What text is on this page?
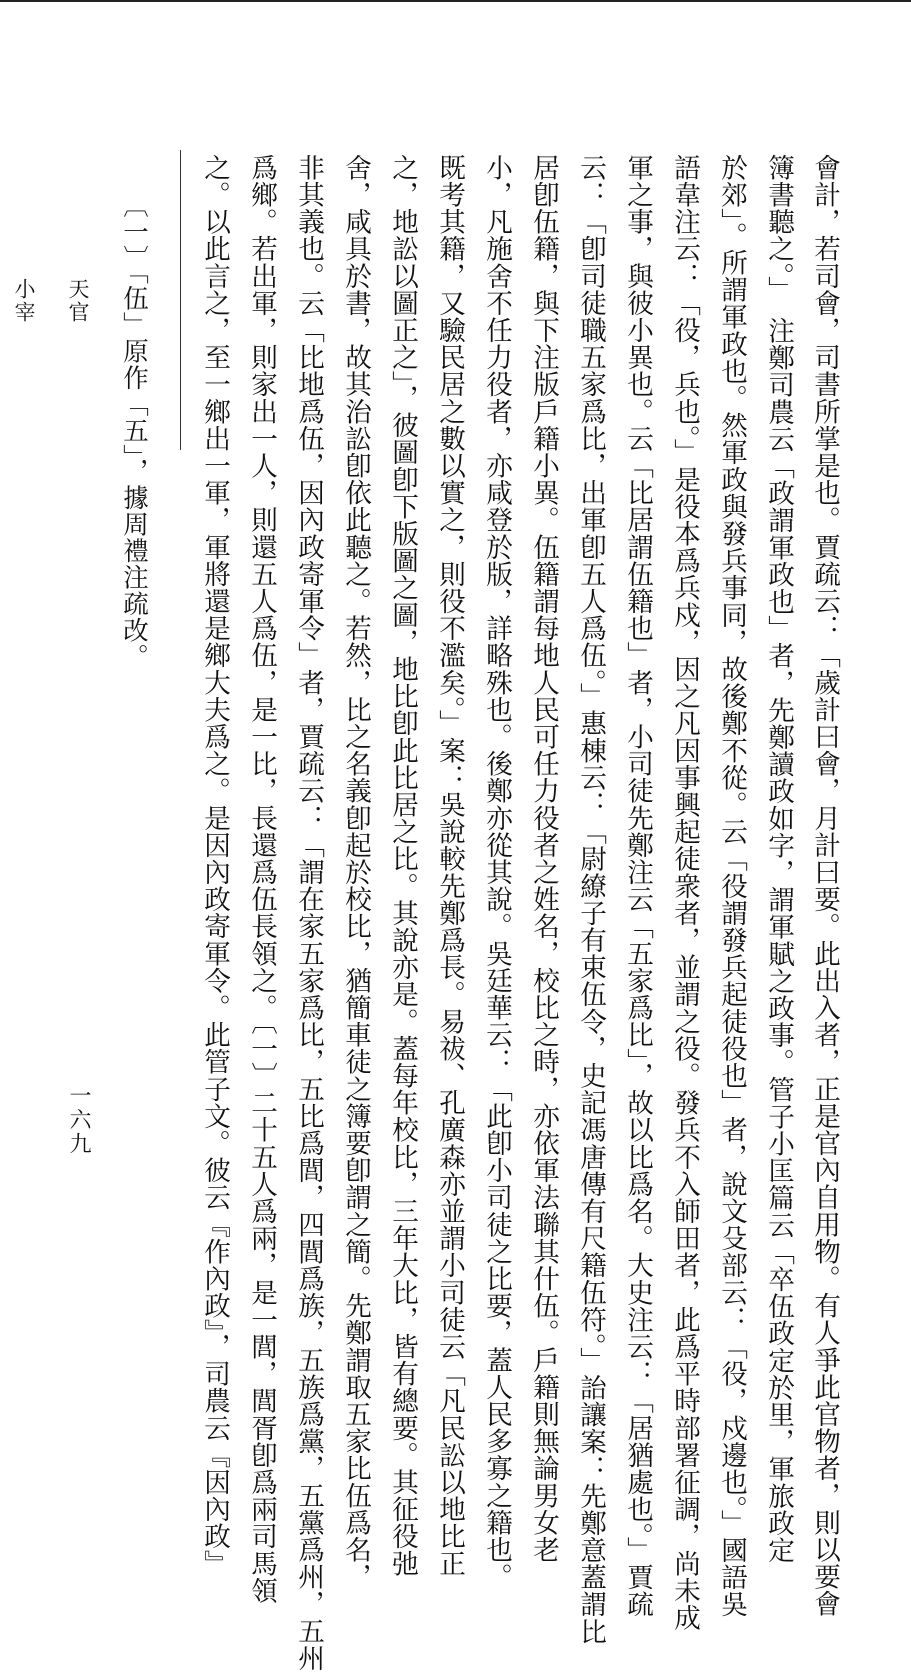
會計，若司會，司書所掌是也。賈疏云：「歲計曰會，月計曰要。此出入者，正是官內自用物。有人爭此官物者，則以要會
簿書聽之。」　注鄭司農云「政謂軍政也」者，先鄭讀政如字，謂軍賦之政事。管子小匡篇云「卒伍政定於里，軍旅政定
於郊」。所謂軍政也。然軍政與發兵事同，故後鄭不從。云「役謂發兵起徒役也」者，說文殳部云：「役，戍邊也。」國語吳
語韋注云：「役，兵也。」是役本爲兵戍，因之凡因事興起徒衆者，並謂之役。發兵不入師田者，此爲平時部署征調，尚未成
軍之事，與彼小異也。云「比居謂伍籍也」者，小司徒先鄭注云「五家爲比」，故以比爲名。大史注云：「居猶處也。」賈疏
云：「卽司徒職五家爲比，出軍卽五人爲伍。」惠棟云：「尉繚子有束伍令，史記馮唐傳有尺籍伍符。」詒讓案：先鄭意蓋謂比
居卽伍籍，與下注版戶籍小異。伍籍謂每地人民可任力役者之姓名，校比之時，亦依軍法聯其什伍。戶籍則無論男女老
小，凡施舍不任力役者，亦咸登於版，詳略殊也。後鄭亦從其說。吳廷華云：「此卽小司徒之比要，蓋人民多寡之籍也。
既考其籍，又驗民居之數以實之，則役不濫矣。」案：吳說較先鄭爲長。易祓、孔廣森亦並謂小司徒云「凡民訟以地比正
之，地訟以圖正之」，彼圖卽下版圖之圖，地比卽此比居之比。其說亦是。蓋每年校比，三年大比，皆有總要。其征役弛
舍，咸具於書，故其治訟卽依此聽之。若然，比之名義卽起於校比，猶簡車徒之簿要卽謂之簡。先鄭謂取五家比伍爲名，
非其義也。云「比地爲伍，因內政寄軍令」者，賈疏云：「謂在家五家爲比，五比爲閭，四閭爲族，五族爲黨，五黨爲州，五州
爲鄉。若出軍，則家出一人，則還五人爲伍，是一比，長還爲伍長領之。〔一〕二十五人爲兩，是一閭，閭胥卽爲兩司馬領
之。以此言之，至一鄉出一軍，軍將還是鄉大夫爲之。是因內政寄軍令。此管子文。彼云『作內政』，司農云『因內政』
〔一〕「伍」原作「五」，據周禮注疏改。
天官
小宰
一六九
